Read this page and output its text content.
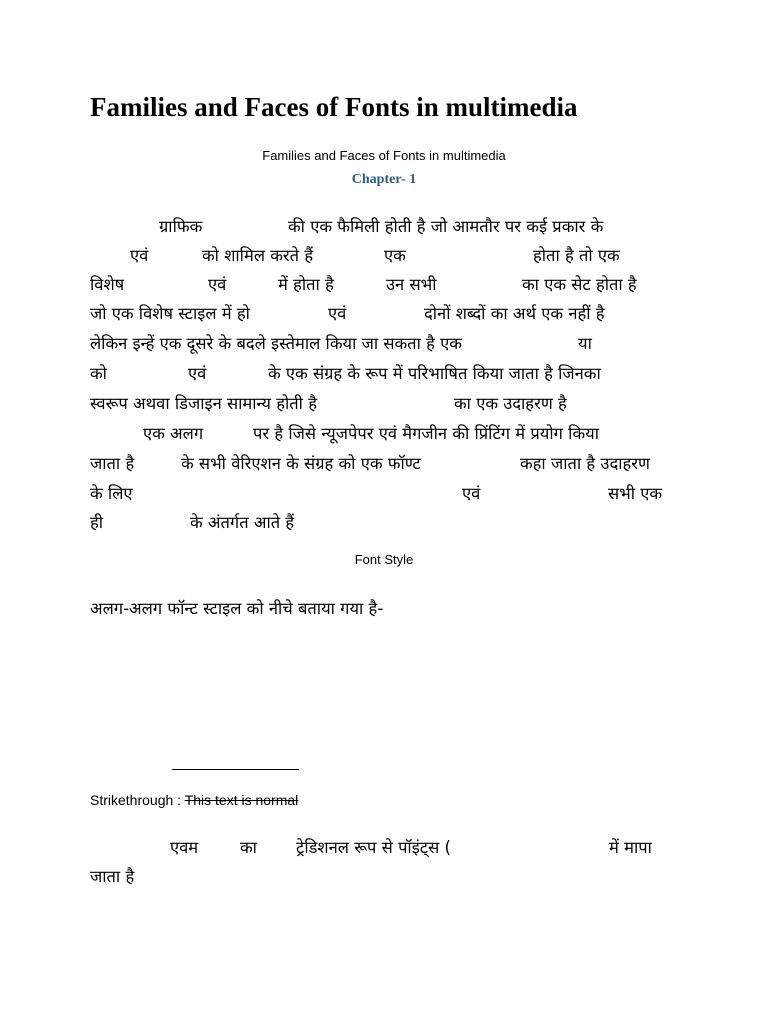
Families and Faces of Fonts in multimedia
Families and Faces of Fonts in multimedia
Chapter- 1
ग्राफिक	की एक फैमिली होती है जो आमतौर पर कई प्रकार के
एवं	को शामिल करते हैं	एक	होता है तो एक
विशेष	एवं	में होता है	उन सभी	का एक सेट होता है
जो एक विशेष स्टाइल में हो	एवं	दोनों शब्दों का अर्थ एक नहीं है
लेकिन इन्हें एक दूसरे के बदले इस्तेमाल किया जा सकता है एक	या
को	एवं	के एक संग्रह के रूप में परिभाषित किया जाता है जिनका
स्वरूप अथवा डिजाइन सामान्य होती है	का एक उदाहरण है
एक अलग	पर है जिसे न्यूजपेपर एवं मैगजीन की प्रिंटिंग में प्रयोग किया
जाता है	के सभी वेरिएशन के संग्रह को एक फॉण्ट	कहा जाता है उदाहरण
के लिए	एवं	सभी एक
ही	के अंतर्गत आते हैं
Font Style
अलग-अलग फॉन्ट स्टाइल को नीचे बताया गया है-
Strikethrough : This text is normal
एवम	का ट्रेडिशनल रूप से पॉइंट्स (	में मापा
जाता है
